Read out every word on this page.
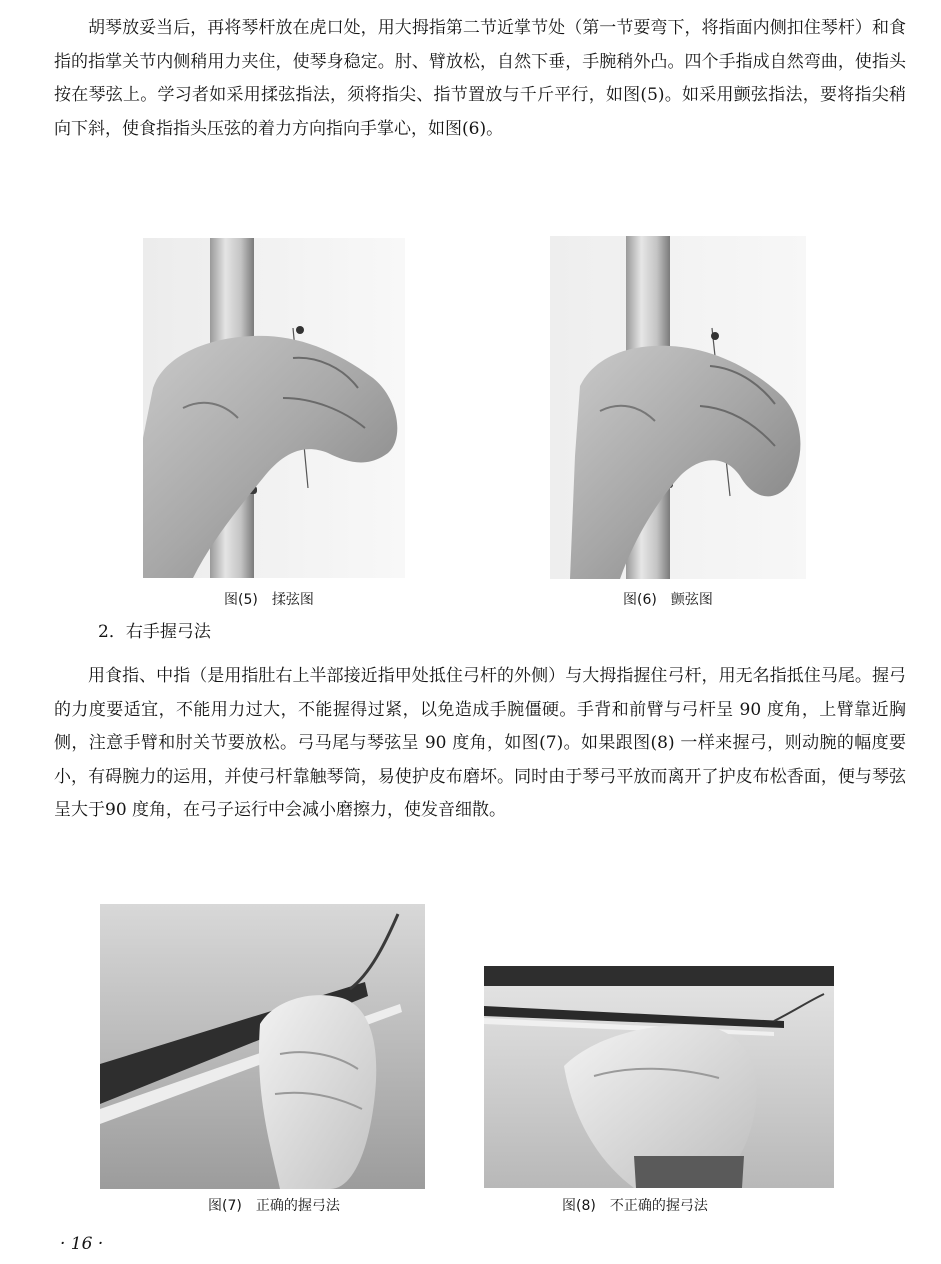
胡琴放妥当后，再将琴杆放在虎口处，用大拇指第二节近掌节处（第一节要弯下，将指面内侧扣住琴杆）和食指的指掌关节内侧稍用力夹住，使琴身稳定。肘、臂放松，自然下垂，手腕稍外凸。四个手指成自然弯曲，使指头按在琴弦上。学习者如采用揉弦指法，须将指尖、指节置放与千斤平行，如图(5)。如采用颤弦指法，要将指尖稍向下斜，使食指指头压弦的着力方向指向手掌心，如图(6)。

图(5) 揉弦图	图(6) 颤弦图

2．右手握弓法

用食指、中指（是用指肚右上半部接近指甲处抵住弓杆的外侧）与大拇指握住弓杆，用无名指抵住马尾。握弓的力度要适宜，不能用力过大，不能握得过紧，以免造成手腕僵硬。手背和前臂与弓杆呈 90 度角，上臂靠近胸侧，注意手臂和肘关节要放松。弓马尾与琴弦呈 90 度角，如图(7)。如果跟图(8) 一样来握弓，则动腕的幅度要小，有碍腕力的运用，并使弓杆靠触琴筒，易使护皮布磨坏。同时由于琴弓平放而离开了护皮布松香面，便与琴弦呈大于90 度角，在弓子运行中会减小磨擦力，使发音细散。

图(7) 正确的握弓法	图(8) 不正确的握弓法
· 16 ·
